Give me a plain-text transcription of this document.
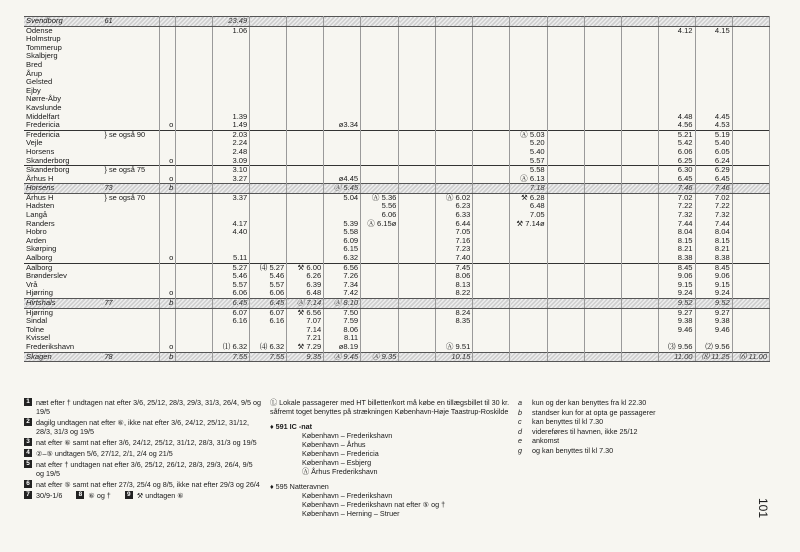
Svendborg	61			23.49														
Odense				1.06												4.12	4.15	
Holmstrup																		
Tommerup																		
Skalbjerg																		
Bred																		
Årup																		
Gelsted																		
Ejby																		
Nørre-Åby																		
Kavslunde																		
Middelfart				1.39												4.48	4.45	
Fredericia		o		1.49			ø3.34									4.56	4.53	
Fredericia	} se også 90			2.03								Ⓐ 5.03				5.21	5.19	
Vejle				2.24								5.20				5.42	5.40	
Horsens				2.48								5.40				6.06	6.05	
Skanderborg		o		3.09								5.57				6.25	6.24	
Skanderborg	} se også 75			3.10								5.58				6.30	6.29	
Århus H		o		3.27			ø4.45					Ⓐ 6.13				6.45	6.45	
Horsens	73	b					Ⓐ 5.45					7.18				7.46	7.46	
Århus H	} se også 70			3.37			5.04	Ⓐ 5.36		Ⓐ 6.02		⚒ 6.28				7.02	7.02	
Hadsten								5.56		6.23		6.48				7.22	7.22	
Langå								6.06		6.33		7.05				7.32	7.32	
Randers				4.17			5.39	Ⓐ 6.15ø		6.44		⚒ 7.14ø				7.44	7.44	
Hobro				4.40			5.58			7.05						8.04	8.04	
Arden							6.09			7.16						8.15	8.15	
Skørping							6.15			7.23						8.21	8.21	
Aalborg		o		5.11			6.32			7.40						8.38	8.38	
Aalborg				5.27	⑷ 5.27	⚒ 6.00	6.56			7.45						8.45	8.45	
Brønderslev				5.46	5.46	6.26	7.26			8.06						9.06	9.06	
Vrå				5.57	5.57	6.39	7.34			8.13						9.15	9.15	
Hjørring		o		6.06	6.06	6.48	7.42			8.22						9.24	9.24	
Hirtshals	77	b		6.45	6.45	Ⓐ 7.14	Ⓐ 8.10									9.52	9.52	
Hjørring				6.07	6.07	⚒ 6.56	7.50			8.24						9.27	9.27	
Sindal				6.16	6.16	7.07	7.59			8.35						9.38	9.38	
Tolne						7.14	8.06									9.46	9.46	
Kvissel						7.21	8.11											
Frederikshavn		o		⑴ 6.32	⑷ 6.32	⚒ 7.29	ø8.19			Ⓐ 9.51						⑶ 9.56	⑵ 9.56	
Skagen	78	b		7.55	7.55	9.35	Ⓐ 9.45	Ⓐ 9.35		10.15						11.00	⑻ 11.25	⑹ 11.00
1 næt efter † undtagen nat efter 3/6, 25/12, 28/3, 29/3, 31/3, 26/4, 9/5 og 19/5
2 dagilg undtagen nat efter ⑥, ikke nat efter 3/6, 24/12, 25/12, 31/12, 28/3, 31/3 og 19/5
3 nat efter ⑥ samt nat efter 3/6, 24/12, 25/12, 31/12, 28/3, 31/3 og 19/5
4 ②–⑤ undtagen 5/6, 27/12, 2/1, 2/4 og 21/5
5 nat efter † undtagen nat efter 3/6, 25/12, 26/12, 28/3, 29/3, 26/4, 9/5 og 19/5
6 nat efter ⑤ samt nat efter 27/3, 25/4 og 8/5, ikke nat efter 29/3 og 26/4
7 30/9-1/6	8 ⑥ og †	9 ⚒ undtagen ⑥
Ⓛ Lokale passagerer med HT billetter/kort må købe en tillægsbillet til 30 kr. såfremt toget benyttes på strækningen København-Høje Taastrup-Roskilde
♦ 591 IC -nat
København – Frederikshavn
København – Århus
København – Fredericia
København – Esbjerg
Ⓐ Århus Frederikshavn
♦ 595 Natteravnen
København – Frederikshavn
København – Frederikshavn nat efter ⑤ og †
København – Herning – Struer
a	kun og der kan benyttes fra kl 22.30
b	standser kun for at opta ge passagerer
c	kan benyttes til kl 7.30
d	videreføres til havnen, ikke 25/12
e	ankomst
g	og kan benyttes til kl 7.30
101
